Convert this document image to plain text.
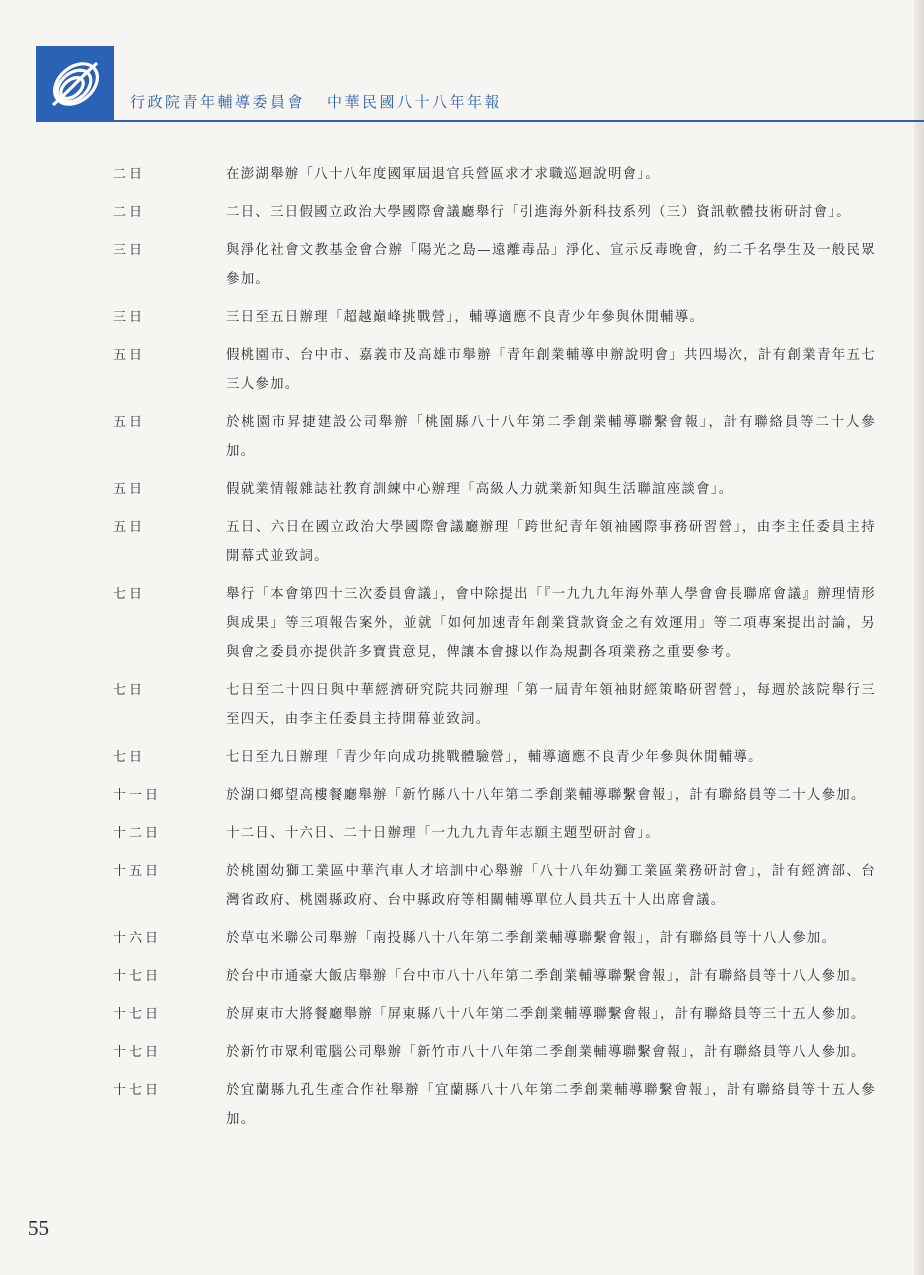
行政院青年輔導委員會 中華民國八十八年年報
二日	在澎湖舉辦「八十八年度國軍屆退官兵營區求才求職巡迴說明會」。
二日	二日、三日假國立政治大學國際會議廳舉行「引進海外新科技系列（三）資訊軟體技術研討會」。
三日	與淨化社會文教基金會合辦「陽光之島—遠離毒品」淨化、宣示反毒晚會，約二千名學生及一般民眾參加。
三日	三日至五日辦理「超越巔峰挑戰營」，輔導適應不良青少年參與休閒輔導。
五日	假桃園市、台中市、嘉義市及高雄市舉辦「青年創業輔導申辦說明會」共四場次，計有創業青年五七三人參加。
五日	於桃園市昇捷建設公司舉辦「桃園縣八十八年第二季創業輔導聯繫會報」，計有聯絡員等二十人參加。
五日	假就業情報雜誌社教育訓練中心辦理「高級人力就業新知與生活聯誼座談會」。
五日	五日、六日在國立政治大學國際會議廳辦理「跨世紀青年領袖國際事務研習營」，由李主任委員主持開幕式並致詞。
七日	舉行「本會第四十三次委員會議」，會中除提出「『一九九九年海外華人學會會長聯席會議』辦理情形與成果」等三項報告案外，並就「如何加速青年創業貸款資金之有效運用」等二項專案提出討論，另與會之委員亦提供許多寶貴意見，俾讓本會據以作為規劃各項業務之重要參考。
七日	七日至二十四日與中華經濟研究院共同辦理「第一屆青年領袖財經策略研習營」，每週於該院舉行三至四天，由李主任委員主持開幕並致詞。
七日	七日至九日辦理「青少年向成功挑戰體驗營」，輔導適應不良青少年參與休閒輔導。
十一日	於湖口鄉望高樓餐廳舉辦「新竹縣八十八年第二季創業輔導聯繫會報」，計有聯絡員等二十人參加。
十二日	十二日、十六日、二十日辦理「一九九九青年志願主題型研討會」。
十五日	於桃園幼獅工業區中華汽車人才培訓中心舉辦「八十八年幼獅工業區業務研討會」，計有經濟部、台灣省政府、桃園縣政府、台中縣政府等相關輔導單位人員共五十人出席會議。
十六日	於草屯米聯公司舉辦「南投縣八十八年第二季創業輔導聯繫會報」，計有聯絡員等十八人參加。
十七日	於台中市通豪大飯店舉辦「台中市八十八年第二季創業輔導聯繫會報」，計有聯絡員等十八人參加。
十七日	於屏東市大將餐廳舉辦「屏東縣八十八年第二季創業輔導聯繫會報」，計有聯絡員等三十五人參加。
十七日	於新竹市眾利電腦公司舉辦「新竹市八十八年第二季創業輔導聯繫會報」，計有聯絡員等八人參加。
十七日	於宜蘭縣九孔生產合作社舉辦「宜蘭縣八十八年第二季創業輔導聯繫會報」，計有聯絡員等十五人參加。
55
